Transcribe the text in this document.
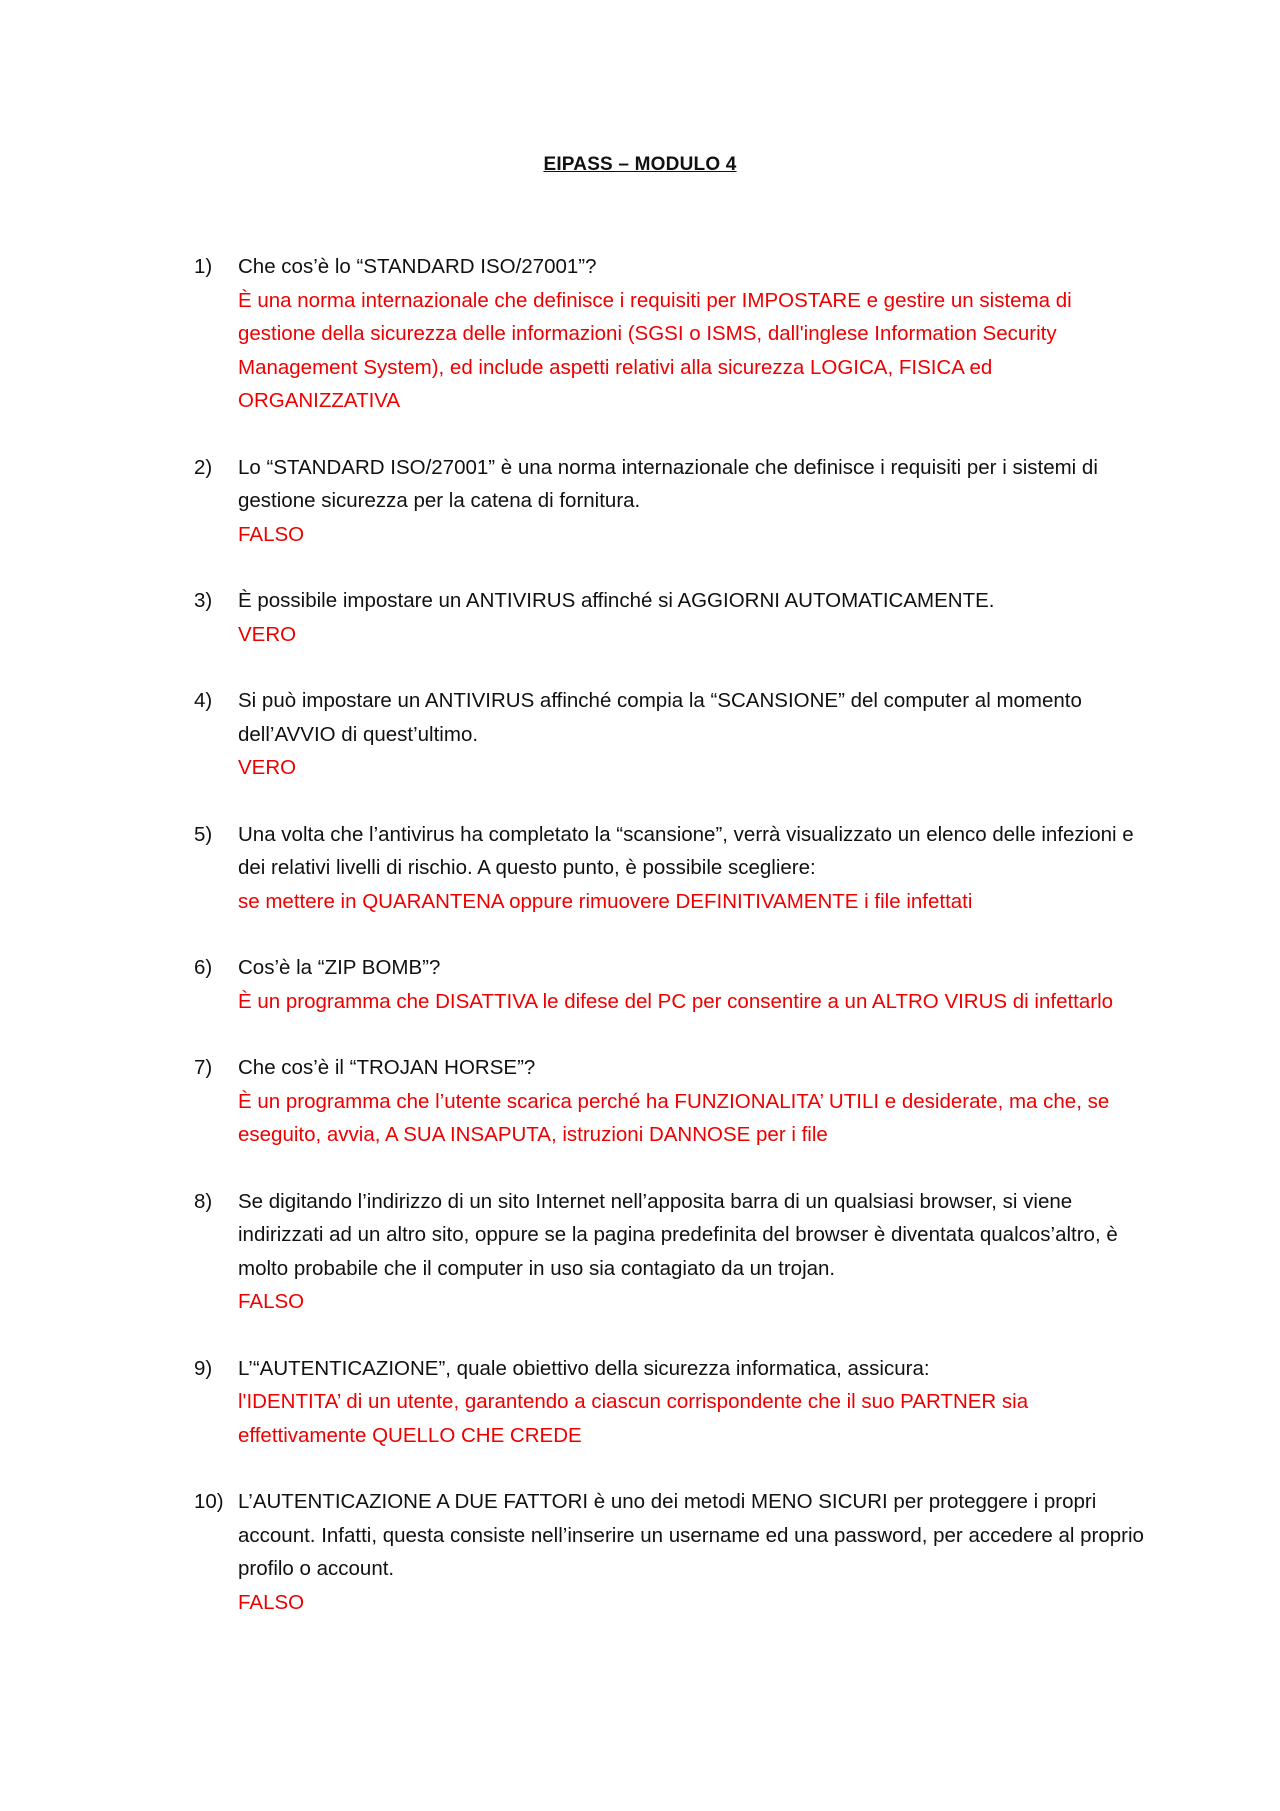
EIPASS – MODULO 4
1) Che cos’è lo “STANDARD ISO/27001”?
È una norma internazionale che definisce i requisiti per IMPOSTARE e gestire un sistema di gestione della sicurezza delle informazioni (SGSI o ISMS, dall'inglese Information Security Management System), ed include aspetti relativi alla sicurezza LOGICA, FISICA ed ORGANIZZATIVA
2) Lo “STANDARD ISO/27001” è una norma internazionale che definisce i requisiti per i sistemi di gestione sicurezza per la catena di fornitura.
FALSO
3) È possibile impostare un ANTIVIRUS affinché si AGGIORNI AUTOMATICAMENTE.
VERO
4) Si può impostare un ANTIVIRUS affinché compia la “SCANSIONE” del computer al momento dell’AVVIO di quest’ultimo.
VERO
5) Una volta che l’antivirus ha completato la “scansione”, verrà visualizzato un elenco delle infezioni e dei relativi livelli di rischio. A questo punto, è possibile scegliere:
se mettere in QUARANTENA oppure rimuovere DEFINITIVAMENTE i file infettati
6) Cos’è la “ZIP BOMB”?
È un programma che DISATTIVA le difese del PC per consentire a un ALTRO VIRUS di infettarlo
7) Che cos’è il “TROJAN HORSE”?
È un programma che l’utente scarica perché ha FUNZIONALITA’ UTILI e desiderate, ma che, se eseguito, avvia, A SUA INSAPUTA, istruzioni DANNOSE per i file
8) Se digitando l’indirizzo di un sito Internet nell’apposita barra di un qualsiasi browser, si viene indirizzati ad un altro sito, oppure se la pagina predefinita del browser è diventata qualcos’altro, è molto probabile che il computer in uso sia contagiato da un trojan.
FALSO
9) L’“AUTENTICAZIONE”, quale obiettivo della sicurezza informatica, assicura:
l'IDENTITA’ di un utente, garantendo a ciascun corrispondente che il suo PARTNER sia effettivamente QUELLO CHE CREDE
10) L’AUTENTICAZIONE A DUE FATTORI è uno dei metodi MENO SICURI per proteggere i propri account. Infatti, questa consiste nell’inserire un username ed una password, per accedere al proprio profilo o account.
FALSO
